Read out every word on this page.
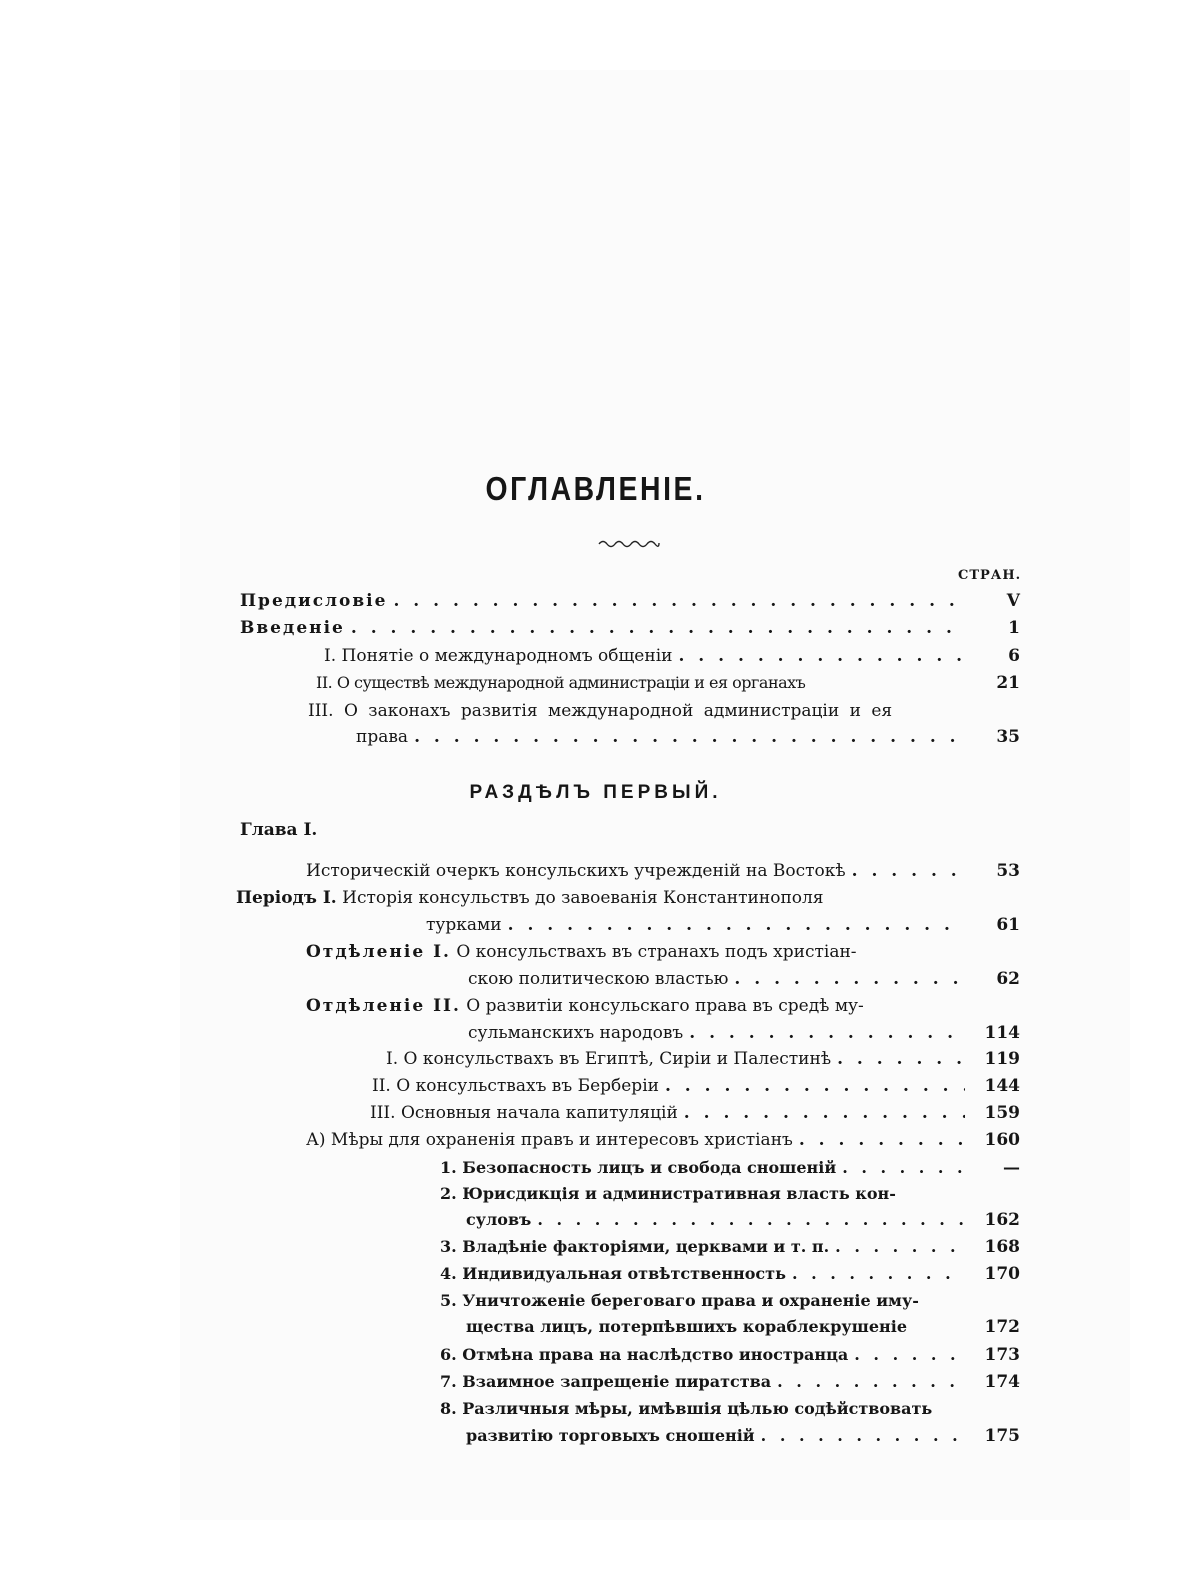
ОГЛАВЛЕНIE.
СТРАН.
Предисловіе . . .	V
Введеніе . . .	1
I. Понятіе о международномъ общеніи . . .	6
II. О существѣ международной администраціи и ея органахъ	21
III. О законахъ развитія международной администраціи и ея
права . . .	35
РАЗДѢЛЪ ПЕРВЫЙ.
Глава I.
Историческій очеркъ консульскихъ учрежденій на Востокѣ . . .	53
Періодъ I. Исторія консульствъ до завоеванія Константинополя
турками . . .	61
Отдѣленіе I. О консульствахъ въ странахъ подъ христіан-
скою политическою властью . . .	62
Отдѣленіе II. О развитіи консульскаго права въ средѣ му-
сульманскихъ народовъ . . .	114
I. О консульствахъ въ Египтѣ, Сиріи и Палестинѣ . . .	119
II. О консульствахъ въ Берберіи . . .	144
III. Основныя начала капитуляцій . . .	159
А) Мѣры для охраненія правъ и интересовъ христіанъ . . .	160
1. Безопасность лицъ и свобода сношеній . . .	—
2. Юрисдикція и административная власть кон-
суловъ . . .	162
3. Владѣніе факторіями, церквами и т. п. . . .	168
4. Индивидуальная отвѣтственность . . .	170
5. Уничтоженіе береговаго права и охраненіе иму-
щества лицъ, потерпѣвшихъ кораблекрушеніе	172
6. Отмѣна права на наслѣдство иностранца . . .	173
7. Взаимное запрещеніе пиратства . . .	174
8. Различныя мѣры, имѣвшія цѣлью содѣйствовать
развитію торговыхъ сношеній . . .	175
